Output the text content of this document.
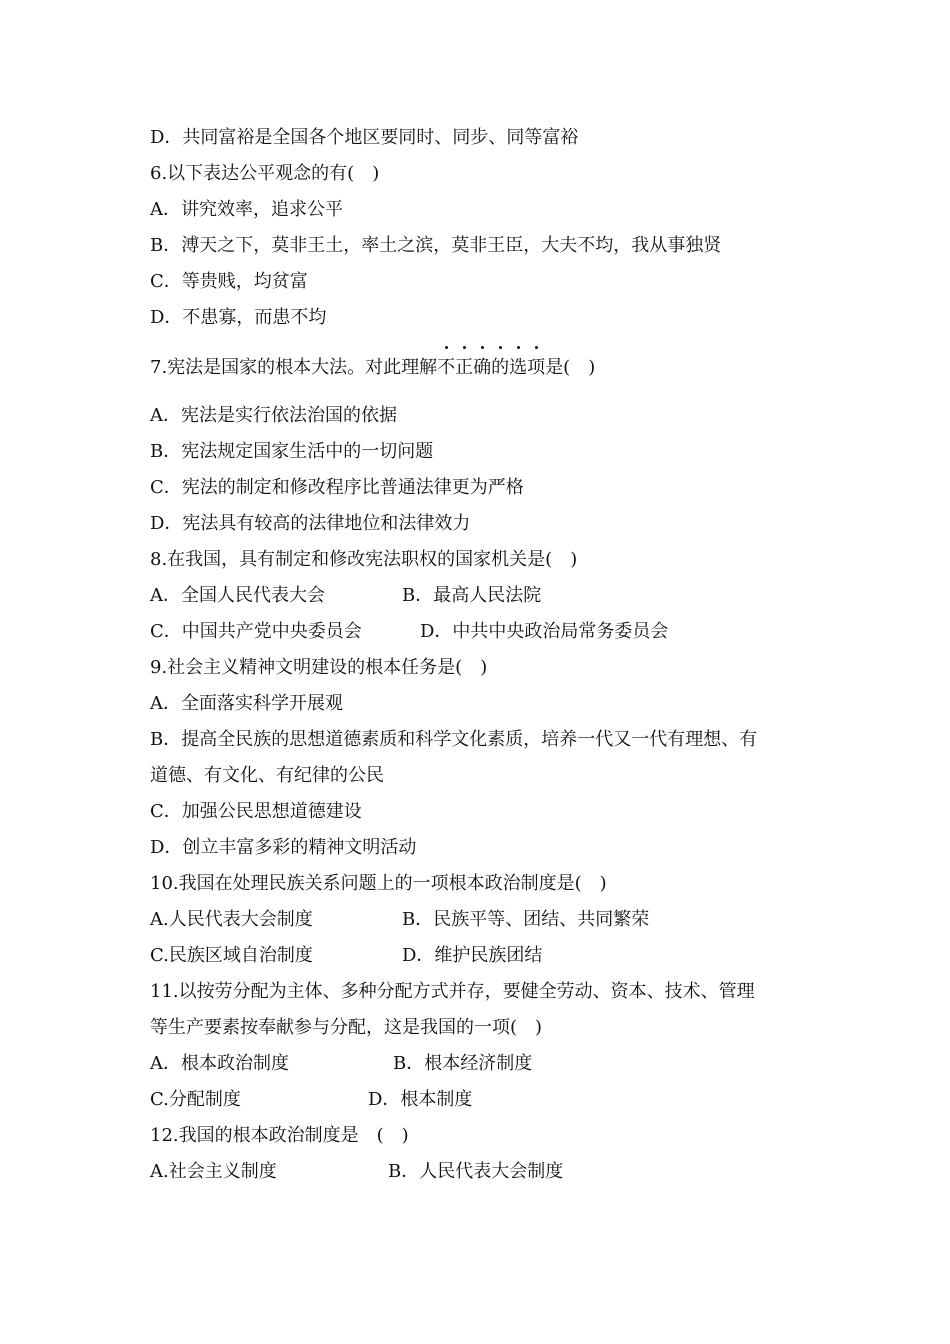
D．共同富裕是全国各个地区要同时、同步、同等富裕
6.以下表达公平观念的有(　)
A．讲究效率，追求公平
B．溥天之下，莫非王土，率土之滨，莫非王臣，大夫不均，我从事独贤
C．等贵贱，均贫富
D．不患寡，而患不均
7.宪法是国家的根本大法。对此理解
不正确的选项是(　)
A．宪法是实行依法治国的依据
B．宪法规定国家生活中的一切问题
C．宪法的制定和修改程序比普通法律更为严格
D．宪法具有较高的法律地位和法律效力
8.在我国，具有制定和修改宪法职权的国家机关是(　)
A．全国人民代表大会	B．最高人民法院
C．中国共产党中央委员会	D．中共中央政治局常务委员会
9.社会主义精神文明建设的根本任务是(　)
A．全面落实科学开展观
B．提高全民族的思想道德素质和科学文化素质，培养一代又一代有理想、有
道德、有文化、有纪律的公民
C．加强公民思想道德建设
D．创立丰富多彩的精神文明活动
10.我国在处理民族关系问题上的一项根本政治制度是(　)
A.人民代表大会制度	B．民族平等、团结、共同繁荣
C.民族区域自治制度	D．维护民族团结
11.以按劳分配为主体、多种分配方式并存，要健全劳动、资本、技术、管理
等生产要素按奉献参与分配，这是我国的一项(　)
A．根本政治制度	B．根本经济制度
C.分配制度	D．根本制度
12.我国的根本政治制度是　(　)
A.社会主义制度	B．人民代表大会制度
